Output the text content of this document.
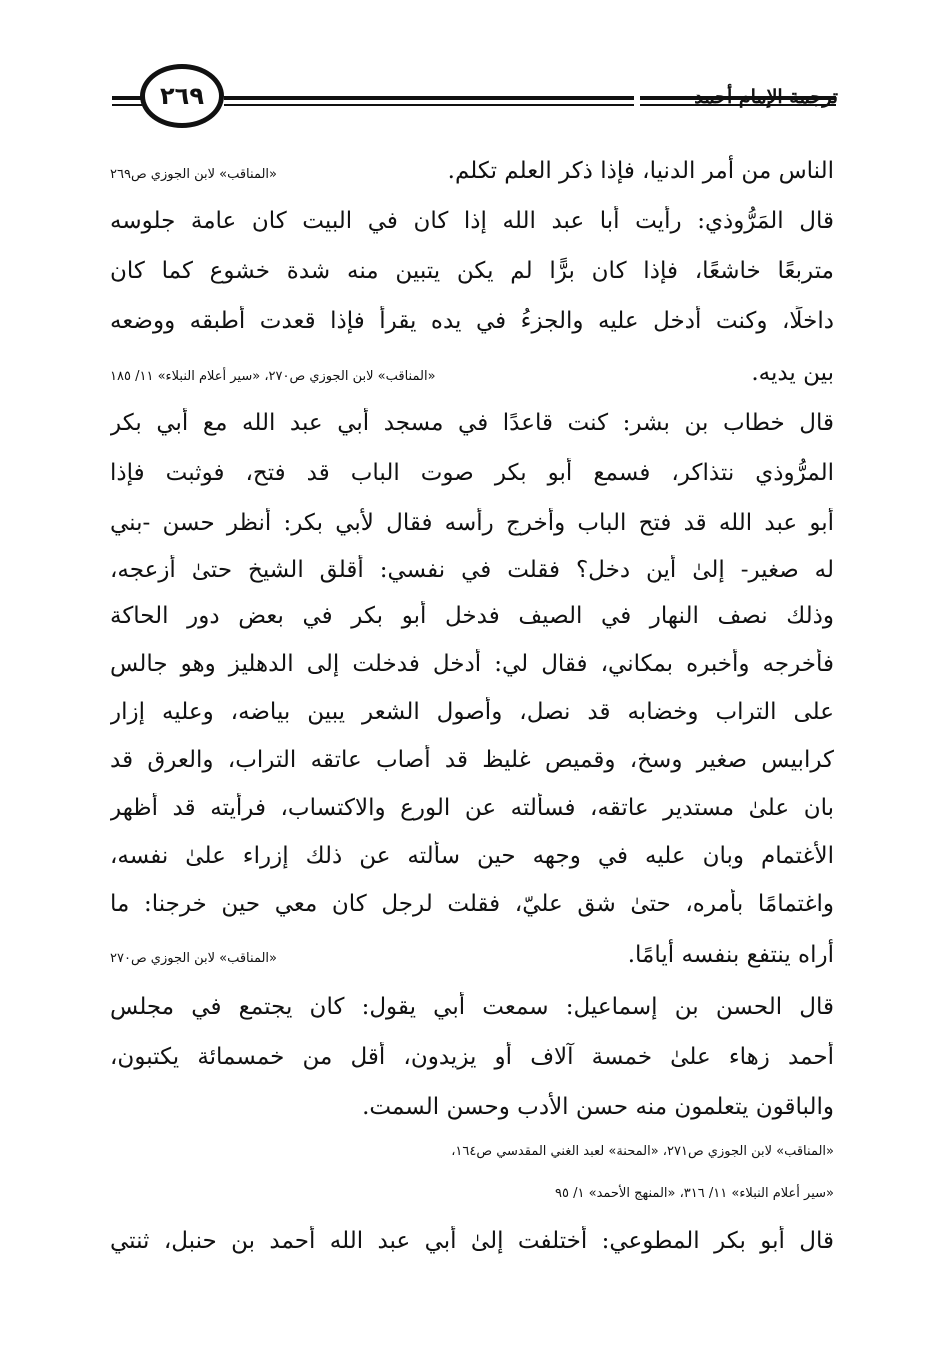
ترجمة الإمام أحمد
٢٦٩
الناس من أمر الدنيا، فإذا ذكر العلم تكلم.
«المناقب» لابن الجوزي ص٢٦٩
قال المَرُّوذي: رأيت أبا عبد الله إذا كان في البيت كان عامة جلوسه
متربعًا خاشعًا، فإذا كان برًّا لم يكن يتبين منه شدة خشوع كما كان
داخلًا، وكنت أدخل عليه والجزءُ في يده يقرأ فإذا قعدت أطبقه ووضعه
بين يديه.
«المناقب» لابن الجوزي ص٢٧٠، «سير أعلام النبلاء» ١١/ ١٨٥
قال خطاب بن بشر: كنت قاعدًا في مسجد أبي عبد الله مع أبي بكر
المرُّوذي نتذاكر، فسمع أبو بكر صوت الباب قد فتح، فوثبت فإذا
أبو عبد الله قد فتح الباب وأخرج رأسه فقال لأبي بكر: أنظر حسن -بني
له صغير- إلىٰ أين دخل؟ فقلت في نفسي: أقلق الشيخ حتىٰ أزعجه،
وذلك نصف النهار في الصيف فدخل أبو بكر في بعض دور الحاكة
فأخرجه وأخبره بمكاني، فقال لي: أدخل فدخلت إلى الدهليز وهو جالس
على التراب وخضابه قد نصل، وأُصول الشعر يبين بياضه، وعليه إزار
كرابيس صغير وسخ، وقميص غليظ قد أصاب عاتقه التراب، والعرق قد
بان علىٰ مستدير عاتقه، فسألته عن الورع والاكتساب، فرأيته قد أظهر
الأغتمام وبان عليه في وجهه حين سألته عن ذلك إزراء علىٰ نفسه،
واغتمامًا بأمره، حتىٰ شق عليّ، فقلت لرجل كان معي حين خرجنا: ما
أراه ينتفع بنفسه أيامًا.
«المناقب» لابن الجوزي ص٢٧٠
قال الحسن بن إسماعيل: سمعت أبي يقول: كان يجتمع في مجلس
أحمد زهاء علىٰ خمسة آلاف أو يزيدون، أقل من خمسمائة يكتبون،
والباقون يتعلمون منه حسن الأدب وحسن السمت.
«المناقب» لابن الجوزي ص٢٧١، «المحنة» لعبد الغني المقدسي ص١٦٤،
«سير أعلام النبلاء» ١١/ ٣١٦، «المنهج الأحمد» ١/ ٩٥
قال أبو بكر المطوعي: أختلفت إلىٰ أبي عبد الله أحمد بن حنبل، ثنتي
